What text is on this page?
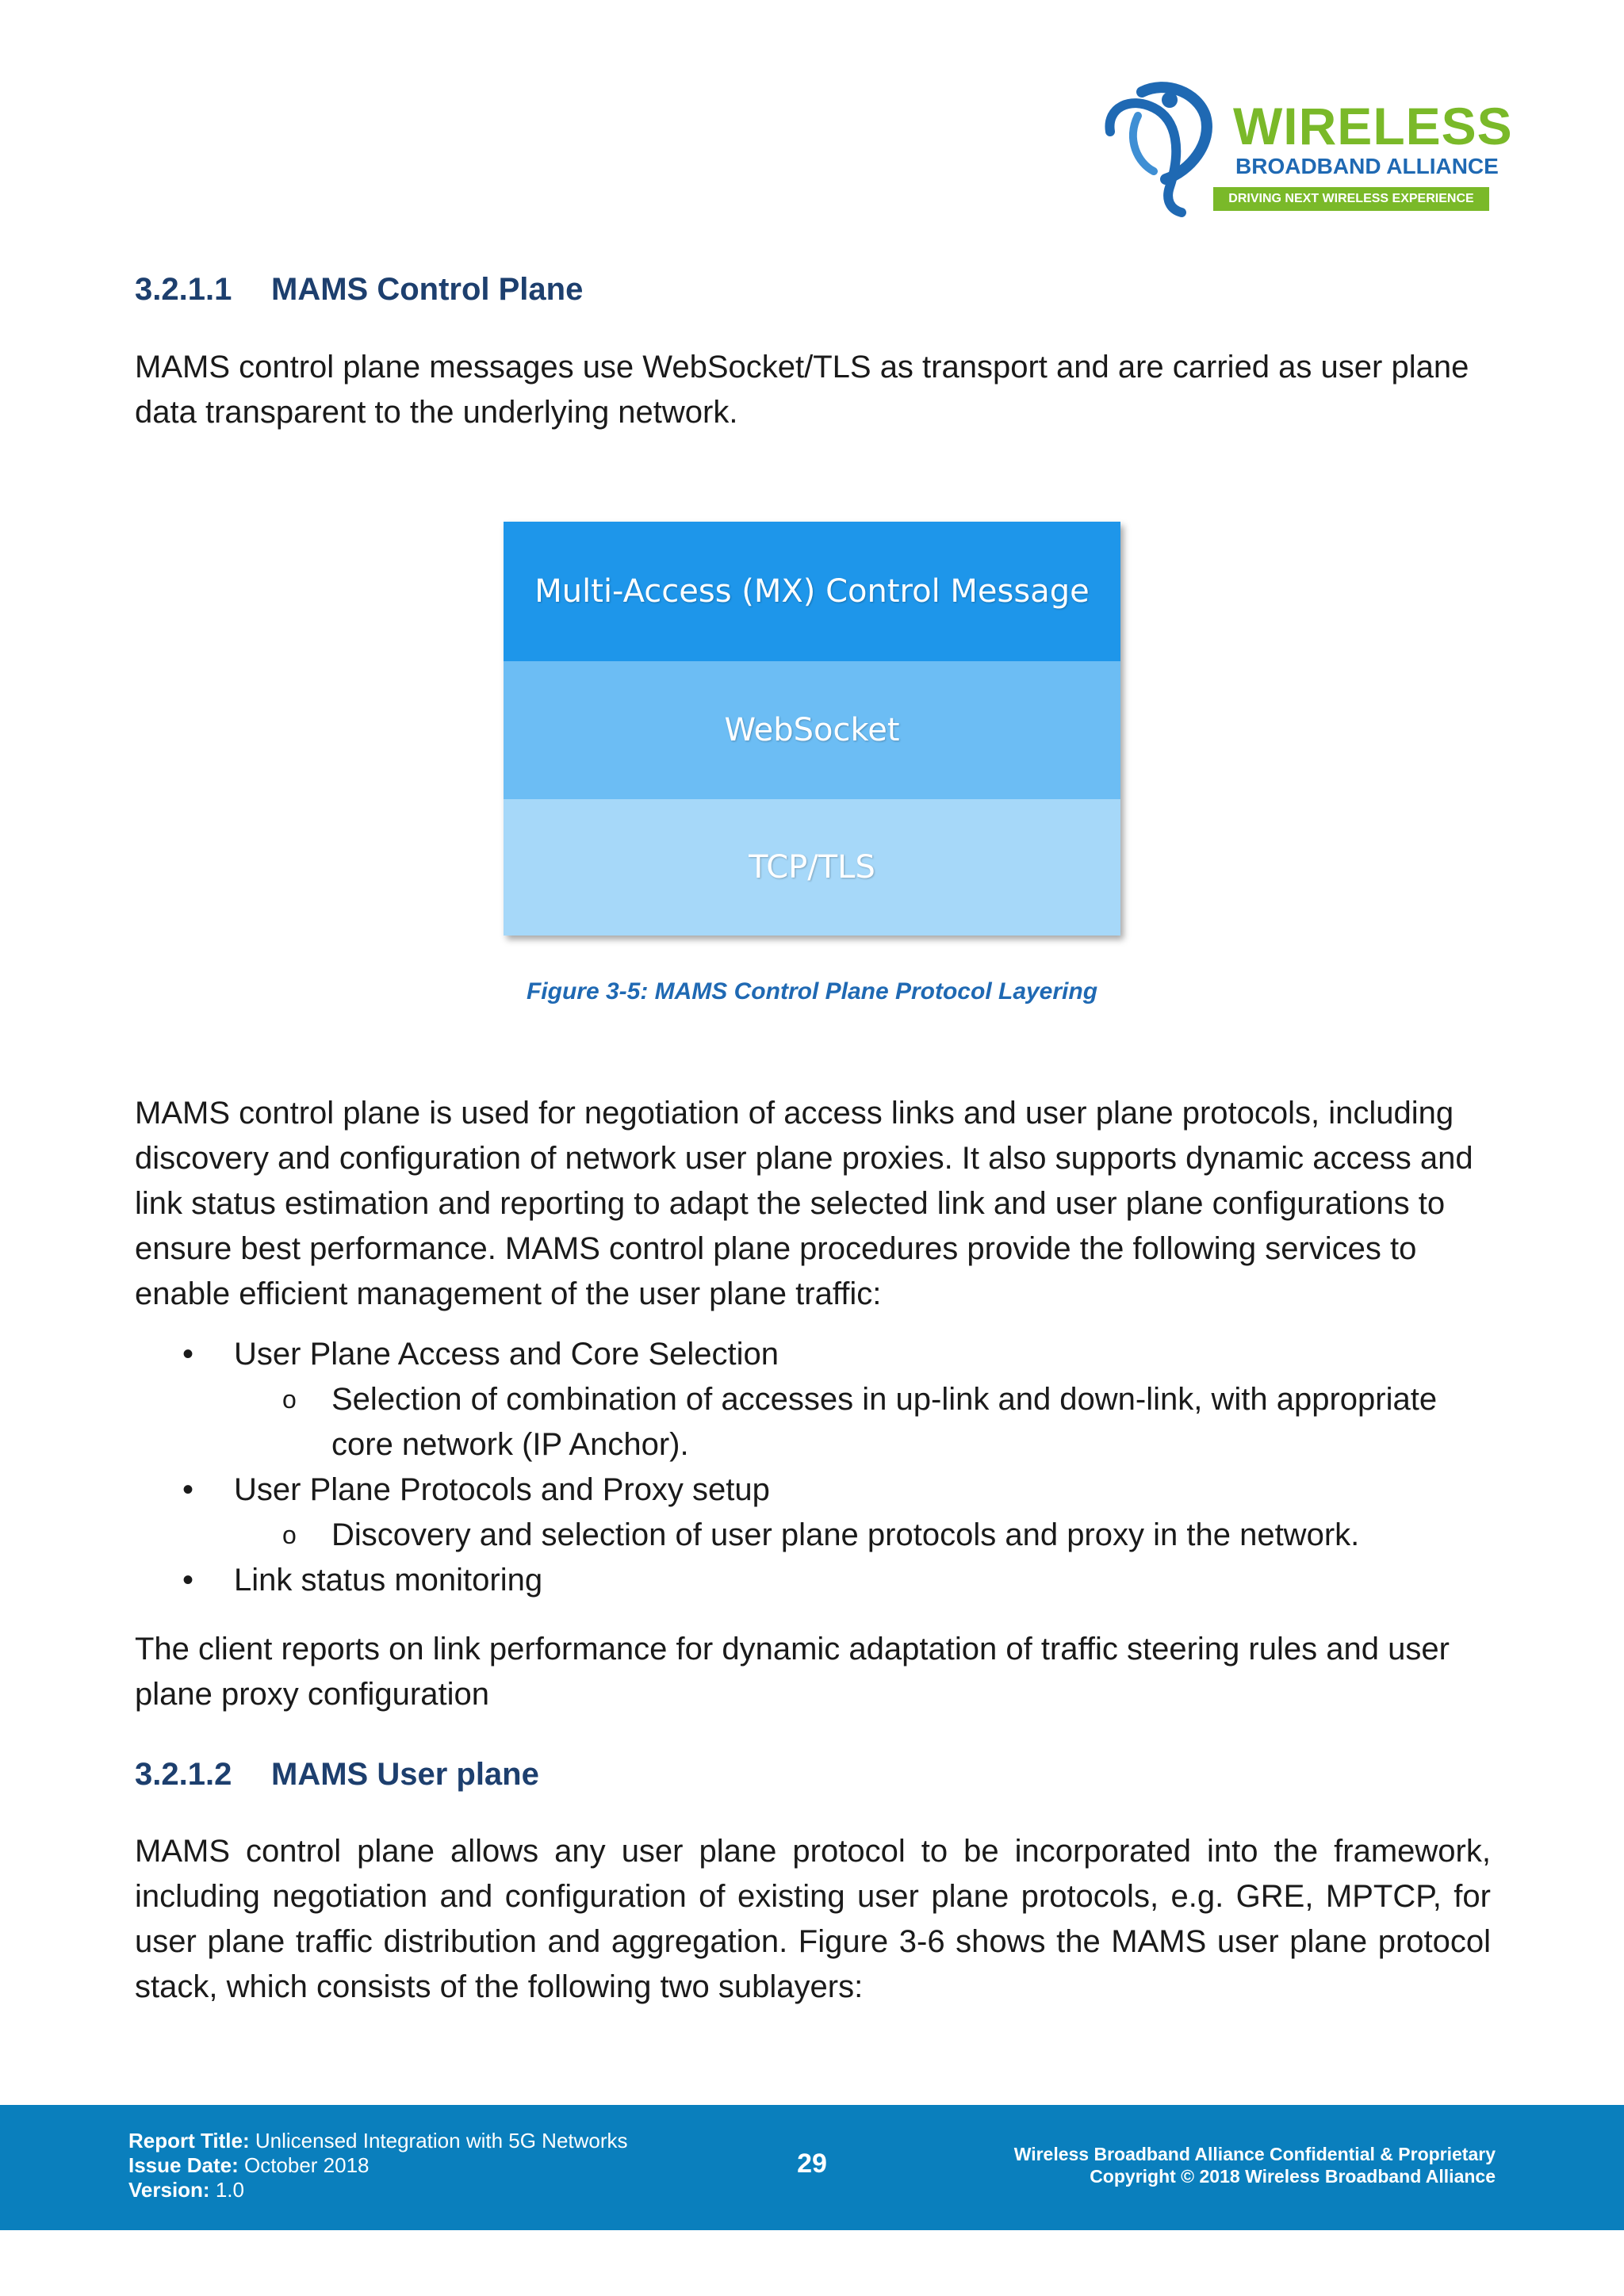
WIRELESS
BROADBAND ALLIANCE
DRIVING NEXT WIRELESS EXPERIENCE
3.2.1.1 MAMS Control Plane

MAMS control plane messages use WebSocket/TLS as transport and are carried as user plane data transparent to the underlying network.

Multi-Access (MX) Control Message
WebSocket
TCP/TLS
Figure 3-5: MAMS Control Plane Protocol Layering

MAMS control plane is used for negotiation of access links and user plane protocols, including discovery and configuration of network user plane proxies. It also supports dynamic access and link status estimation and reporting to adapt the selected link and user plane configurations to ensure best performance. MAMS control plane procedures provide the following services to enable efficient management of the user plane traffic:

• User Plane Access and Core Selection
o Selection of combination of accesses in up-link and down-link, with appropriate core network (IP Anchor).
• User Plane Protocols and Proxy setup
o Discovery and selection of user plane protocols and proxy in the network.
• Link status monitoring

The client reports on link performance for dynamic adaptation of traffic steering rules and user plane proxy configuration

3.2.1.2 MAMS User plane

MAMS control plane allows any user plane protocol to be incorporated into the framework, including negotiation and configuration of existing user plane protocols, e.g. GRE, MPTCP, for user plane traffic distribution and aggregation. Figure 3-6 shows the MAMS user plane protocol stack, which consists of the following two sublayers:

Report Title: Unlicensed Integration with 5G Networks
Issue Date: October 2018
Version: 1.0
29	Wireless Broadband Alliance Confidential & Proprietary
Copyright © 2018 Wireless Broadband Alliance
